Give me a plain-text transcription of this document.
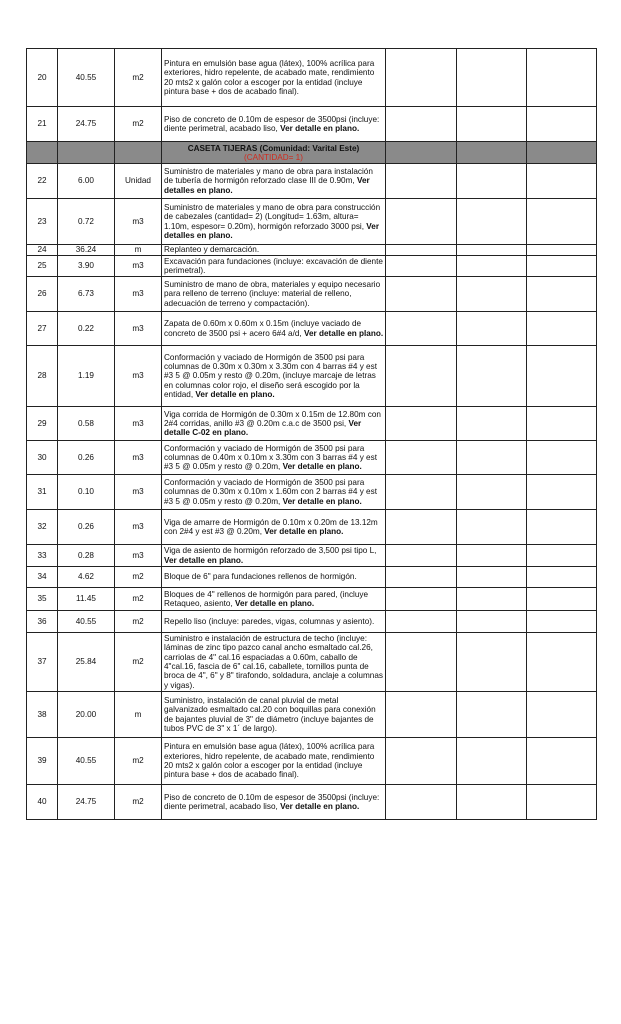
20	40.55	m2	Pintura en emulsión base agua (látex), 100% acrílica para exteriores, hidro repelente, de acabado mate, rendimiento 20 mts2 x galón color a escoger por la entidad (incluye pintura base + dos de acabado final).			
21	24.75	m2	Piso de concreto de 0.10m de espesor de 3500psi (incluye: diente perimetral, acabado liso, Ver detalle en plano.			
			CASETA TIJERAS (Comunidad: Varital Este)
(CANTIDAD= 1)			

22	6.00	Unidad	Suministro de materiales y mano de obra para instalación de tubería de hormigón reforzado clase III de 0.90m, Ver detalles en plano.			
23	0.72	m3	Suministro de materiales y mano de obra para construcción de cabezales (cantidad= 2) (Longitud= 1.63m, altura= 1.10m, espesor= 0.20m), hormigón reforzado 3000 psi, Ver detalles en plano.			
24	36.24	m	Replanteo y demarcación.			
25	3.90	m3	Excavación para fundaciones (incluye: excavación de diente perimetral).			
26	6.73	m3	Suministro de mano de obra, materiales y equipo necesario para relleno de terreno (incluye: material de relleno, adecuación de terreno y compactación).			
27	0.22	m3	Zapata de 0.60m x 0.60m x 0.15m (incluye vaciado de concreto de 3500 psi + acero 6#4 a/d, Ver detalle en plano.			
28	1.19	m3	Conformación y vaciado de Hormigón de 3500 psi para columnas de 0.30m x 0.30m x 3.30m con 4 barras #4 y est #3 5 @ 0.05m y resto @ 0.20m, (incluye marcaje de letras en columnas color rojo, el diseño será escogido por la entidad, Ver detalle en plano.			
29	0.58	m3	Viga corrida de Hormigón de 0.30m x 0.15m de 12.80m con 2#4 corridas, anillo #3 @ 0.20m c.a.c de 3500 psi, Ver detalle C-02 en plano.			
30	0.26	m3	Conformación y vaciado de Hormigón de 3500 psi para columnas de 0.40m x 0.10m x 3.30m con 3 barras #4 y est #3 5 @ 0.05m y resto @ 0.20m, Ver detalle en plano.			
31	0.10	m3	Conformación y vaciado de Hormigón de 3500 psi para columnas de 0.30m x 0.10m x 1.60m con 2 barras #4 y est #3 5 @ 0.05m y resto @ 0.20m, Ver detalle en plano.			
32	0.26	m3	Viga de amarre de Hormigón de 0.10m x 0.20m de 13.12m con 2#4 y est #3 @ 0.20m, Ver detalle en plano.			
33	0.28	m3	Viga de asiento de hormigón reforzado de 3,500 psi tipo L, Ver detalle en plano.			
34	4.62	m2	Bloque de 6" para fundaciones rellenos de hormigón.			
35	11.45	m2	Bloques de 4" rellenos de hormigón para pared, (incluye Retaqueo, asiento, Ver detalle en plano.			
36	40.55	m2	Repello liso (incluye: paredes, vigas, columnas y asiento).			
37	25.84	m2	Suministro e instalación de estructura de techo (incluye: láminas de zinc tipo pazco canal ancho esmaltado cal.26, carriolas de 4" cal.16 espaciadas a 0.60m, caballo de 4"cal.16, fascia de 6" cal.16, caballete, tornillos punta de broca de 4", 6" y 8" tirafondo, soldadura, anclaje a columnas y vigas).			
38	20.00	m	Suministro, instalación de canal pluvial de metal galvanizado esmaltado cal.20 con boquillas para conexión de bajantes pluvial de 3" de diámetro (incluye bajantes de tubos PVC de 3" x 1´ de largo).			
39	40.55	m2	Pintura en emulsión base agua (látex), 100% acrílica para exteriores, hidro repelente, de acabado mate, rendimiento 20 mts2 x galón color a escoger por la entidad (incluye pintura base + dos de acabado final).			
40	24.75	m2	Piso de concreto de 0.10m de espesor de 3500psi (incluye: diente perimetral, acabado liso, Ver detalle en plano.			
